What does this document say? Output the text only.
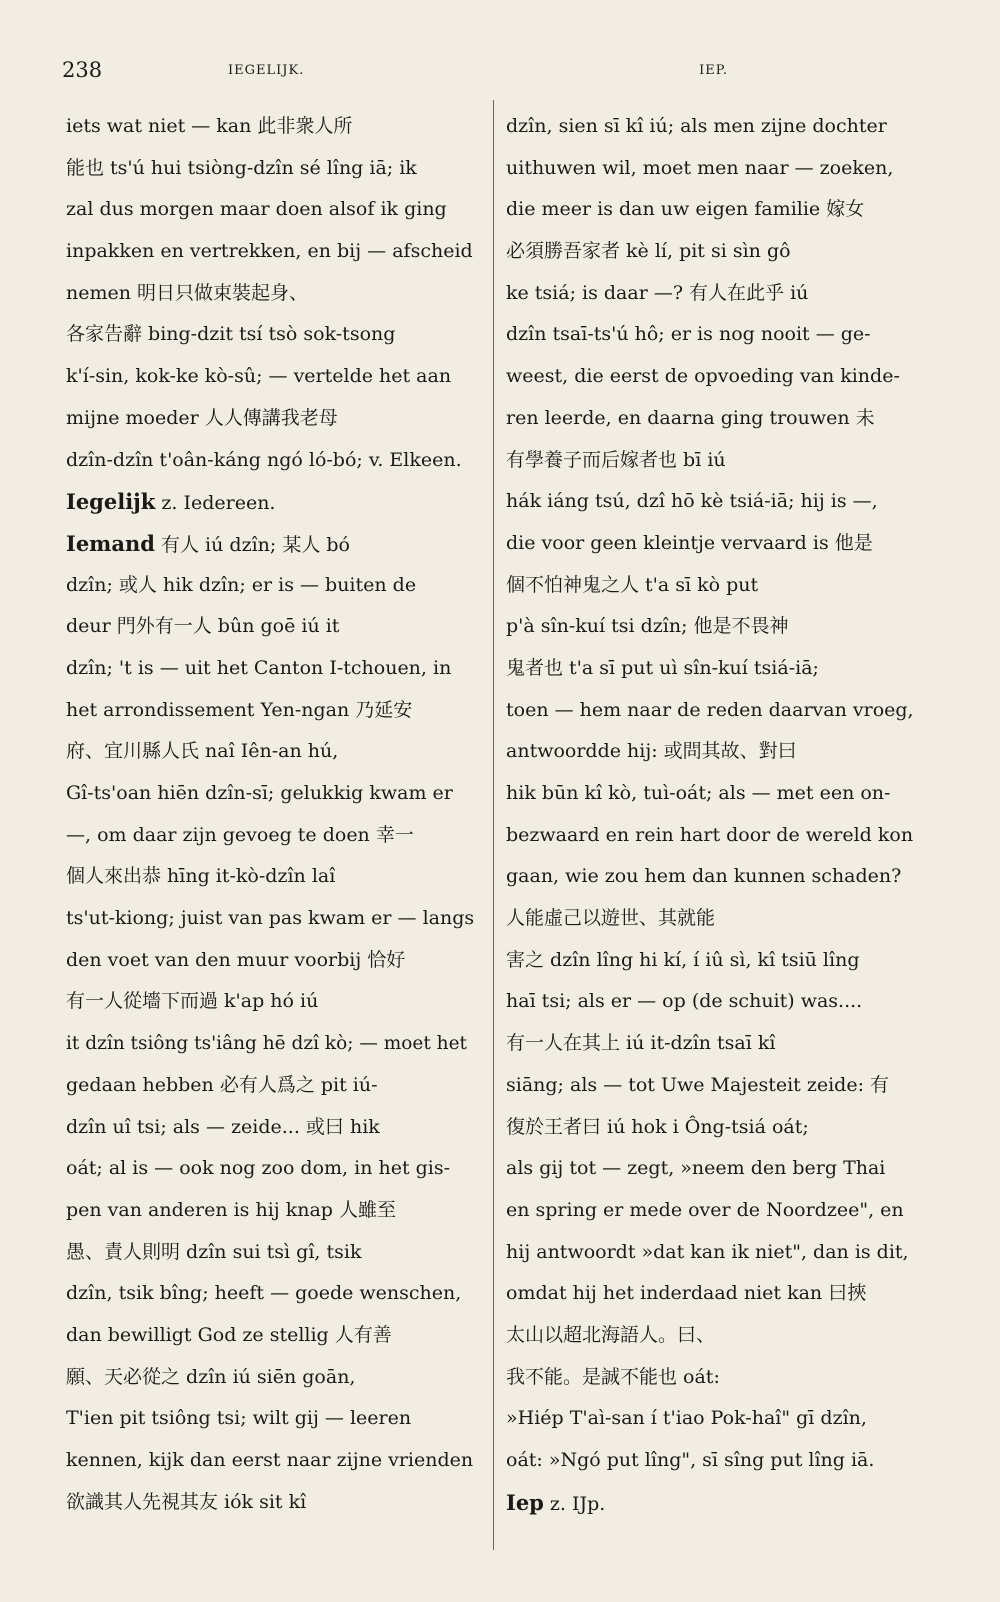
238	IEGELIJK.	IEP.
iets wat niet — kan 此非衆人所
能也 ts'ú hui tsiòng-dzîn sé lîng iā; ik
zal dus morgen maar doen alsof ik ging
inpakken en vertrekken, en bij — afscheid
nemen 明日只做束裝起身、
各家告辭 bing-dzit tsí tsò sok-tsong
k'í-sin, kok-ke kò-sû; — vertelde het aan
mijne moeder 人人傳講我老母
dzîn-dzîn t'oân-káng ngó ló-bó; v. Elkeen.
Iegelijk z. Iedereen.
Iemand 有人 iú dzîn; 某人 bó
dzîn; 或人 hik dzîn; er is — buiten de
deur 門外有一人 bûn goē iú it
dzîn; 't is — uit het Canton I-tchouen, in
het arrondissement Yen-ngan 乃延安
府、宜川縣人氏 naî Iên-an hú,
Gî-ts'oan hiēn dzîn-sī; gelukkig kwam er
—, om daar zijn gevoeg te doen 幸一
個人來出恭 hīng it-kò-dzîn laî
ts'ut-kiong; juist van pas kwam er — langs
den voet van den muur voorbij 恰好
有一人從墻下而過 k'ap hó iú
it dzîn tsiông ts'iâng hē dzî kò; — moet het
gedaan hebben 必有人爲之 pit iú-
dzîn uî tsi; als — zeide... 或曰 hik
oát; al is — ook nog zoo dom, in het gis-
pen van anderen is hij knap 人雖至
愚、責人則明 dzîn sui tsì gî, tsik
dzîn, tsik bîng; heeft — goede wenschen,
dan bewilligt God ze stellig 人有善
願、天必從之 dzîn iú siēn goān,
T'ien pit tsiông tsi; wilt gij — leeren
kennen, kijk dan eerst naar zijne vrienden
欲識其人先視其友 iók sit kî
dzîn, sien sī kî iú; als men zijne dochter
uithuwen wil, moet men naar — zoeken,
die meer is dan uw eigen familie 嫁女
必須勝吾家者 kè lí, pit si sìn gô
ke tsiá; is daar —? 有人在此乎 iú
dzîn tsaī-ts'ú hô; er is nog nooit — ge-
weest, die eerst de opvoeding van kinde-
ren leerde, en daarna ging trouwen 未
有學養子而后嫁者也 bī iú
hák iáng tsú, dzî hō kè tsiá-iā; hij is —,
die voor geen kleintje vervaard is 他是
個不怕神鬼之人 t'a sī kò put
p'à sîn-kuí tsi dzîn; 他是不畏神
鬼者也 t'a sī put uì sîn-kuí tsiá-iā;
toen — hem naar de reden daarvan vroeg,
antwoordde hij: 或問其故、對曰
hik būn kî kò, tuì-oát; als — met een on-
bezwaard en rein hart door de wereld kon
gaan, wie zou hem dan kunnen schaden?
人能虛己以遊世、其就能
害之 dzîn lîng hi kí, í iû sì, kî tsiū lîng
haī tsi; als er — op (de schuit) was....
有一人在其上 iú it-dzîn tsaī kî
siāng; als — tot Uwe Majesteit zeide: 有
復於王者曰 iú hok i Ông-tsiá oát;
als gij tot — zegt, »neem den berg Thai
en spring er mede over de Noordzee", en
hij antwoordt »dat kan ik niet", dan is dit,
omdat hij het inderdaad niet kan 曰挾
太山以超北海語人。曰、
我不能。是誠不能也 oát:
»Hiép T'aì-san í t'iao Pok-haî" gī dzîn,
oát: »Ngó put lîng", sī sîng put lîng iā.
Iep z. IJp.
